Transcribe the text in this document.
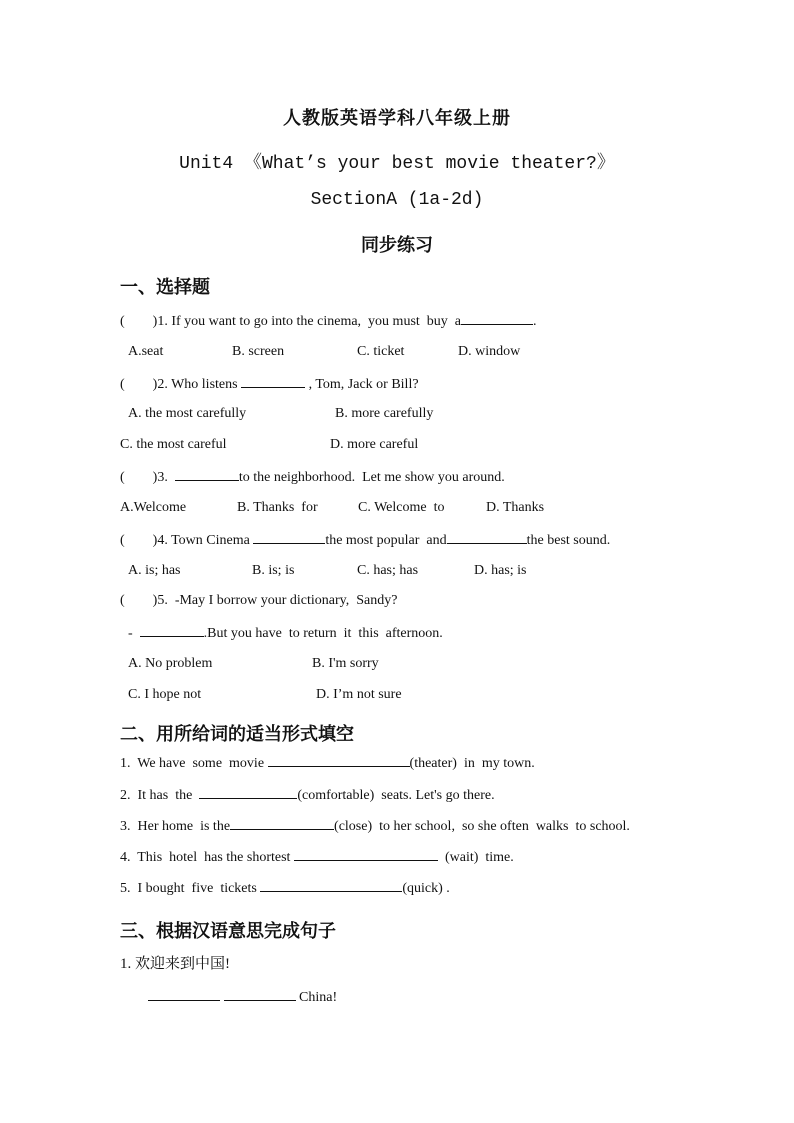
人教版英语学科八年级上册
Unit4 《What’s your best movie theater?》
SectionA (1a-2d)
同步练习
一、选择题
(        )1. If you want to go into the cinema,  you must  buy  a	.
A.seat	B. screen	C. ticket	D. window
(        )2. Who listens	, Tom, Jack or Bill?
A. the most carefully	B. more carefully
C. the most careful	D. more careful
(        )3.	to the neighborhood.  Let me show you around.
A.Welcome	B. Thanks  for	C. Welcome  to	D. Thanks
(        )4. Town Cinema	the most popular  and	the best sound.
A. is; has	B. is; is	C. has; has	D. has; is
(        )5.  -May I borrow your dictionary,  Sandy?
-	.But you have  to return  it  this  afternoon.
A. No problem	B. I'm sorry
C. I hope not	D. I’m not sure
二、用所给词的适当形式填空
1.  We have  some  movie	(theater)  in  my town.
2.  It has  the	(comfortable)  seats. Let's go there.
3.  Her home  is the	(close)  to her school,  so she often  walks  to school.
4.  This  hotel  has the shortest	(wait)  time.
5.  I bought  five  tickets	(quick) .
三、根据汉语意思完成句子
1. 欢迎来到中国!
China!
